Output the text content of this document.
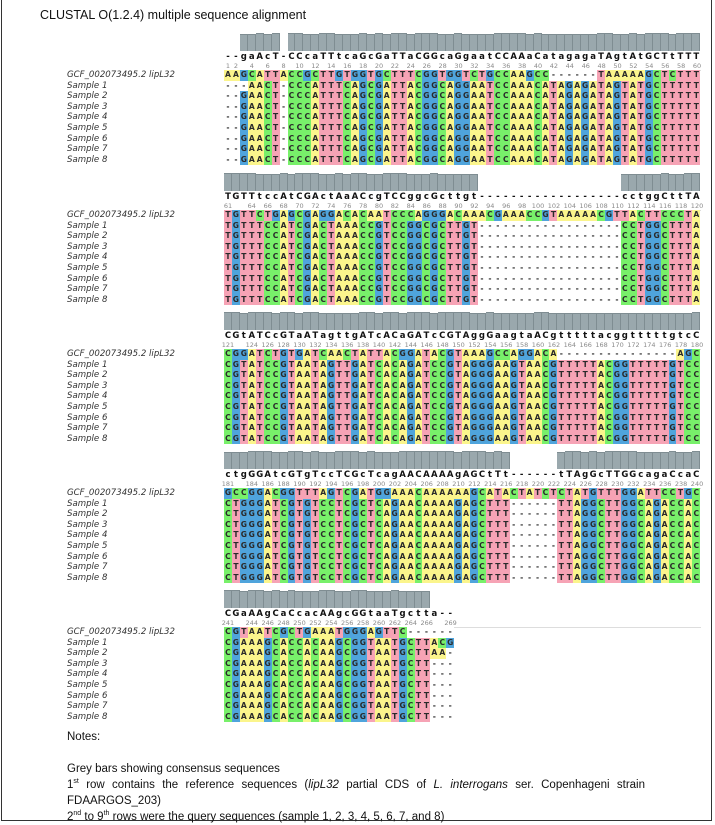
CLUSTAL O(1.2.4) multiple sequence alignment
- - g a A c T - C C c a T T t c a G c G a T T a C G G c a G g a a t C C A A a C a t a g a g a T A g t A t G C T t T T T
1 2 4 6 8 10 12 14 16 18 20 22 24 26 28 30 32 34 36 38 40 42 44 46 48 50 52 54 56 58 60
GCF_002073495.2 lipL32	A A G C A T T A C C G C T T G T G G T G C T T T C G G T G G T C T G C C A A G C C - - - - - - T A A A A A G C T C T T T
Sample 1	- - - A A C T - C C C A T T T C A G C G A T T A C G G C A G G A A T C C A A A C A T A G A G A T A G T A T G C T T T T T
Sample 2	- - G A A C T - C C C A T T T C A G C G A T T A C G G C A G G A A T C C A A A C A T A G A G A T A G T A T G C T T T T T
Sample 3	- - G A A C T - C C C A T T T C A G C G A T T A C G G C A G G A A T C C A A A C A T A G A G A T A G T A T G C T T T T T
Sample 4	- - G A A C T - C C C A T T T C A G C G A T T A C G G C A G G A A T C C A A A C A T A G A G A T A G T A T G C T T T T T
Sample 5	- - G A A C T - C C C A T T T C A G C G A T T A C G G C A G G A A T C C A A A C A T A G A G A T A G T A T G C T T T T T
Sample 6	- - G A A C T - C C C A T T T C A G C G A T T A C G G C A G G A A T C C A A A C A T A G A G A T A G T A T G C T T T T T
Sample 7	- - G A A C T - C C C A T T T C A G C G A T T A C G G C A G G A A T C C A A A C A T A G A G A T A G T A T G C T T T T T
Sample 8	- - G A A C T - C C C A T T T C A G C G A T T A C G G C A G G A A T C C A A A C A T A G A G A T A G T A T G C T T T T T
T G T T t c c A t C G A c t A a A C c g T C C g g c G c t t g t - - - - - - - - - - - - - - - - - - c c t g g C t t T A
61 64 66 68 70 72 74 76 78 80 82 84 86 88 90 92 94 96 98 100 102 104 106 108 110 112 114 116 118 120
GCF_002073495.2 lipL32	T G T T C T G A G C G A G G A C A C A A T C C C A G G G A C A A A C G A A A C C G T A A A A A C G T T A C T T C C C T A
Sample 1	T G T T T C C A T C G A C T A A A C C G T C C G G C G C T T G T - - - - - - - - - - - - - - - - - - C C T G G C T T T A
Sample 2	T G T T T C C A T C G A C T A A A C C G T C C G G C G C T T G T - - - - - - - - - - - - - - - - - - C C T G G C T T T A
Sample 3	T G T T T C C A T C G A C T A A A C C G T C C G G C G C T T G T - - - - - - - - - - - - - - - - - - C C T G G C T T T A
Sample 4	T G T T T C C A T C G A C T A A A C C G T C C G G C G C T T G T - - - - - - - - - - - - - - - - - - C C T G G C T T T A
Sample 5	T G T T T C C A T C G A C T A A A C C G T C C G G C G C T T G T - - - - - - - - - - - - - - - - - - C C T G G C T T T A
Sample 6	T G T T T C C A T C G A C T A A A C C G T C C G G C G C T T G T - - - - - - - - - - - - - - - - - - C C T G G C T T T A
Sample 7	T G T T T C C A T C G A C T A A A C C G T C C G G C G C T T G T - - - - - - - - - - - - - - - - - - C C T G G C T T T A
Sample 8	T G T T T C C A T C G A C T A A A C C G T C C G G C G C T T G T - - - - - - - - - - - - - - - - - - C C T G G C T T T A
C G t A T C c G T a A T a g t t g A T c A C a G A T c C G T A g g G a a g t a A C g t t t t t a c g g t t t t t g t c C
121 124 126 128 130 132 134 136 138 140 142 144 146 148 150 152 154 156 158 160 162 164 166 168 170 172 174 176 178 180
GCF_002073495.2 lipL32	C G G A T C T G T G A T C A A C T A T T A C G G A T A C G T A A A G C C A G G A C A - - - - - - - - - - - - - - - A G C
Sample 1	C G T A T C C G T A A T A G T T G A T C A C A G A T C C G T A G G G A A G T A A C G T T T T T A C G G T T T T T G T C C
Sample 2	C G T A T C C G T A A T A G T T G A T C A C A G A T C C G T A G G G A A G T A A C G T T T T T A C G G T T T T T G T C C
Sample 3	C G T A T C C G T A A T A G T T G A T C A C A G A T C C G T A G G G A A G T A A C G T T T T T A C G G T T T T T G T C C
Sample 4	C G T A T C C G T A A T A G T T G A T C A C A G A T C C G T A G G G A A G T A A C G T T T T T A C G G T T T T T G T C C
Sample 5	C G T A T C C G T A A T A G T T G A T C A C A G A T C C G T A G G G A A G T A A C G T T T T T A C G G T T T T T G T C C
Sample 6	C G T A T C C G T A A T A G T T G A T C A C A G A T C C G T A G G G A A G T A A C G T T T T T A C G G T T T T T G T C C
Sample 7	C G T A T C C G T A A T A G T T G A T C A C A G A T C C G T A G G G A A G T A A C G T T T T T A C G G T T T T T G T C C
Sample 8	C G T A T C C G T A A T A G T T G A T C A C A G A T C C G T A G G G A A G T A A C G T T T T T A C G G T T T T T G T C C
c t g G G A t c G T g T c c T C G c T c a g A A C A A A A g A G C t T t - - - - - - t T A g G c T T G G c a g a C c a C
181 184 186 188 190 192 194 196 198 200 202 204 206 208 210 212 214 216 218 220 222 224 226 228 230 232 234 236 238 240
GCF_002073495.2 lipL32	G C C G G A C G G T T T A G T C G A T G G A A A C A A A A A A G C A T A C T A T C T C T A T G T T T G G A T T C C T G C
Sample 1	C T G G G A T C G T G T C C T C G C T C A G A A C A A A A G A G C T T T - - - - - - T T A G G C T T G G C A G A C C A C
Sample 2	C T G G G A T C G T G T C C T C G C T C A G A A C A A A A G A G C T T T - - - - - - T T A G G C T T G G C A G A C C A C
Sample 3	C T G G G A T C G T G T C C T C G C T C A G A A C A A A A G A G C T T T - - - - - - T T A G G C T T G G C A G A C C A C
Sample 4	C T G G G A T C G T G T C C T C G C T C A G A A C A A A A G A G C T T T - - - - - - T T A G G C T T G G C A G A C C A C
Sample 5	C T G G G A T C G T G T C C T C G C T C A G A A C A A A A G A G C T T T - - - - - - T T A G G C T T G G C A G A C C A C
Sample 6	C T G G G A T C G T G T C C T C G C T C A G A A C A A A A G A G C T T T - - - - - - T T A G G C T T G G C A G A C C A C
Sample 7	C T G G G A T C G T G T C C T C G C T C A G A A C A A A A G A G C T T T - - - - - - T T A G G C T T G G C A G A C C A C
Sample 8	C T G G G A T C G T G T C C T C G C T C A G A A C A A A A G A G C T T T - - - - - - T T A G G C T T G G C A G A C C A C
C G a A A g C a C c a c A A g c G G t a a T g c t t a - -
241 244 246 248 250 252 254 256 258 260 262 264 266 269
GCF_002073495.2 lipL32	C G T A A T C G C T G A A A T G G G A G T T C - - - - - -
Sample 1	C G A A A G C A C C A C A A G C G G T A A T G C T T A C G
Sample 2	C G A A A G C A C C A C A A G C G G T A A T G C T T A A -
Sample 3	C G A A A G C A C C A C A A G C G G T A A T G C T T - - -
Sample 4	C G A A A G C A C C A C A A G C G G T A A T G C T T - - -
Sample 5	C G A A A G C A C C A C A A G C G G T A A T G C T T - - -
Sample 6	C G A A A G C A C C A C A A G C G G T A A T G C T T - - -
Sample 7	C G A A A G C A C C A C A A G C G G T A A T G C T T - - -
Sample 8	C G A A A G C A C C A C A A G C G G T A A T G C T T - - -

Notes:

Grey bars showing consensus sequences

1st row contains the reference sequences (lipL32 partial CDS of L. interrogans ser. Copenhageni strain

FDAARGOS_203)

2nd to 9th rows were the query sequences (sample 1, 2, 3, 4, 5, 6, 7, and 8)
